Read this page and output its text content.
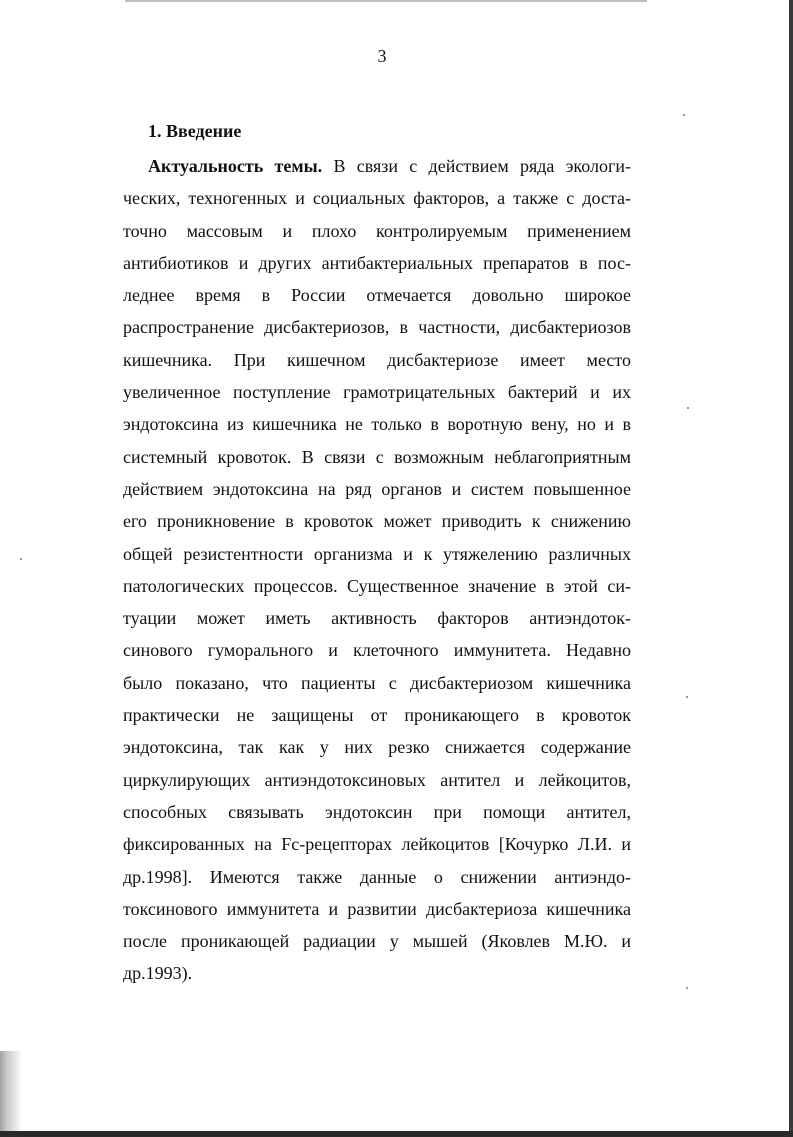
3
1. Введение
Актуальность темы. В связи с действием ряда экологи-
ческих, техногенных и социальных факторов, а также с доста-
точно массовым и плохо контролируемым применением
антибиотиков и других антибактериальных препаратов в пос-
леднее время в России отмечается довольно широкое
распространение дисбактериозов, в частности, дисбактериозов
кишечника. При кишечном дисбактериозе имеет место
увеличенное поступление грамотрицательных бактерий и их
эндотоксина из кишечника не только в воротную вену, но и в
системный кровоток. В связи с возможным неблагоприятным
действием эндотоксина на ряд органов и систем повышенное
его проникновение в кровоток может приводить к снижению
общей резистентности организма и к утяжелению различных
патологических процессов. Существенное значение в этой си-
туации может иметь активность факторов антиэндоток-
синового гуморального и клеточного иммунитета. Недавно
было показано, что пациенты с дисбактериозом кишечника
практически не защищены от проникающего в кровоток
эндотоксина, так как у них резко снижается содержание
циркулирующих антиэндотоксиновых антител и лейкоцитов,
способных связывать эндотоксин при помощи антител,
фиксированных на Fc-рецепторах лейкоцитов [Кочурко Л.И. и
др.1998]. Имеются также данные о снижении антиэндо-
токсинового иммунитета и развитии дисбактериоза кишечника
после проникающей радиации у мышей (Яковлев М.Ю. и
др.1993).
